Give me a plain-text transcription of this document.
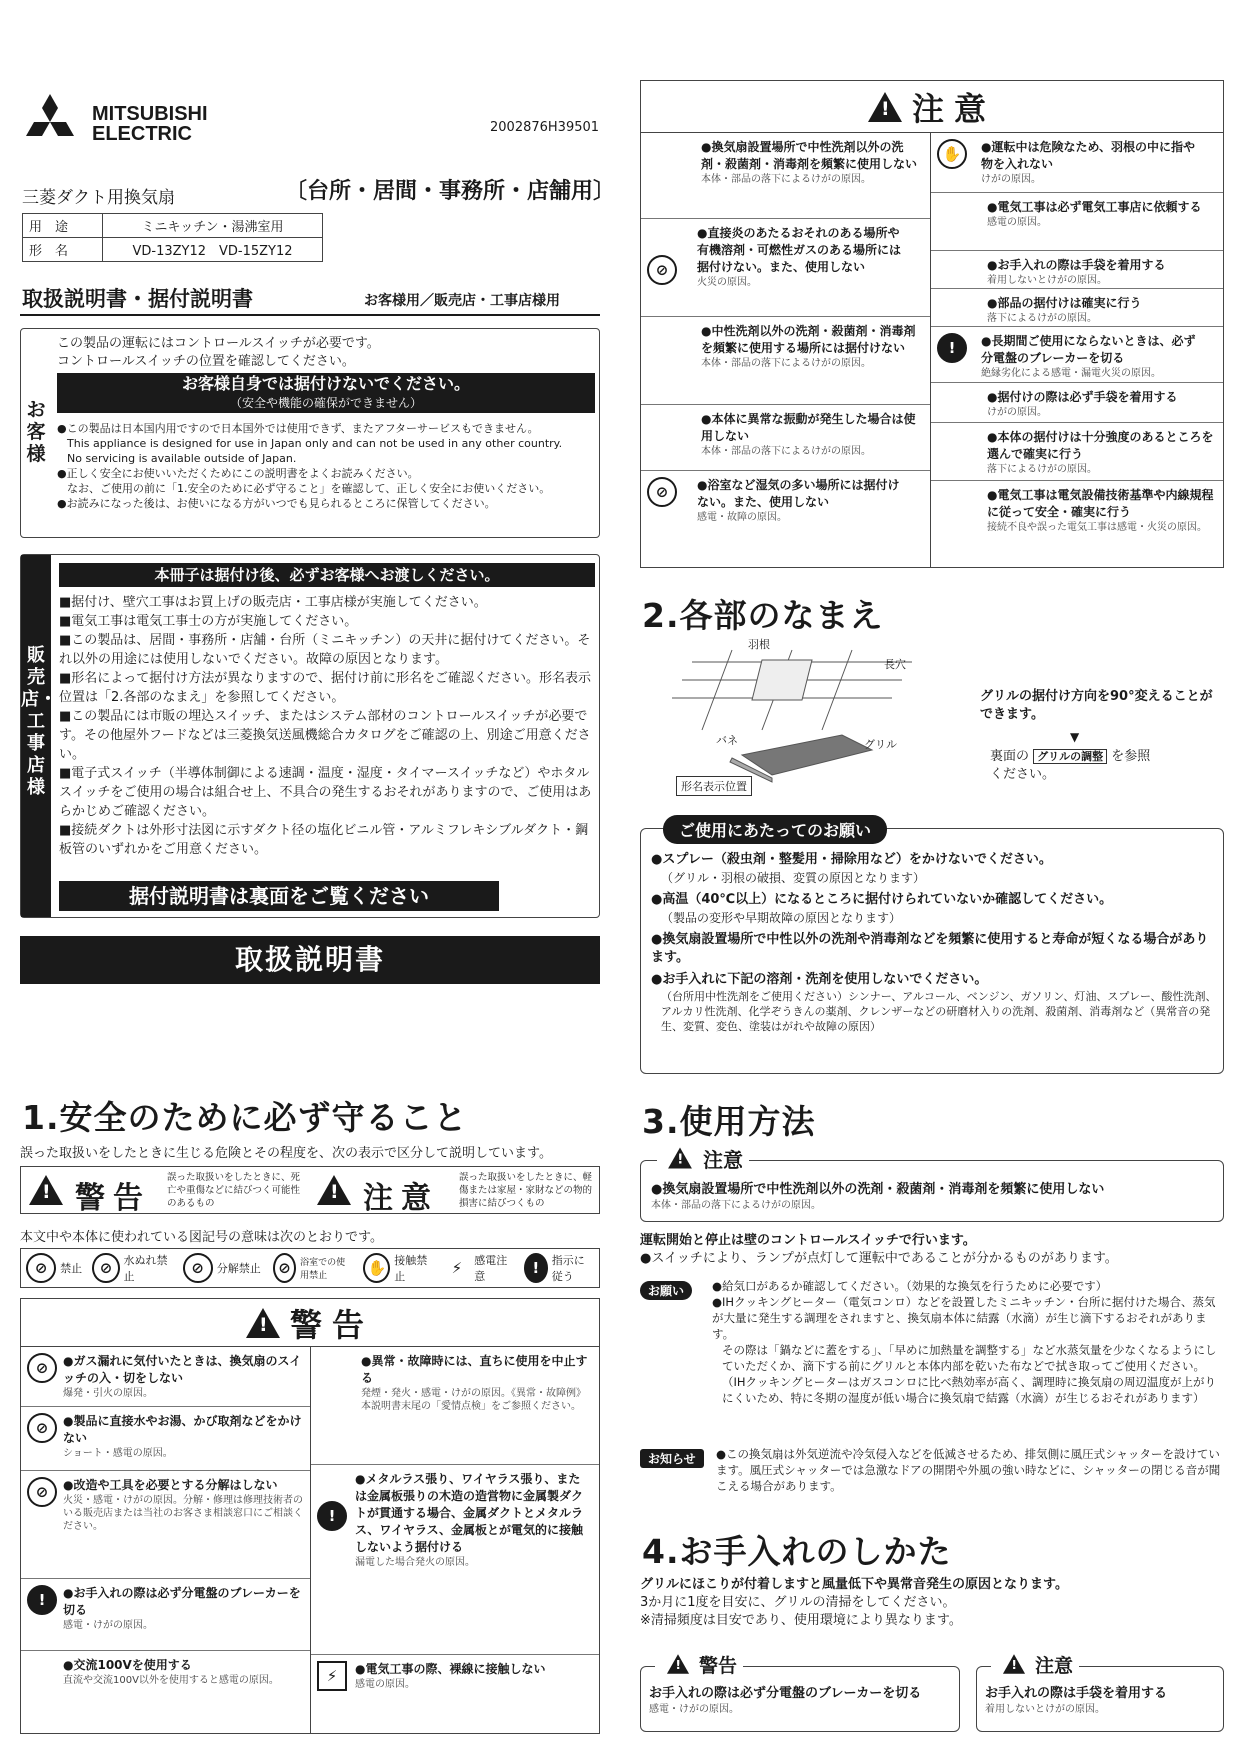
MITSUBISHI
ELECTRIC	2002876H39501
三菱ダクト用換気扇	〔台所・居間・事務所・店舗用〕
用　途	ミニキッチン・湯沸室用
形　名	VD-13ZY12　VD-15ZY12
取扱説明書・据付説明書	お客様用／販売店・工事店様用
お客様
この製品の運転にはコントロールスイッチが必要です。
コントロールスイッチの位置を確認してください。
お客様自身では据付けないでください。
（安全や機能の確保ができません）
●この製品は日本国内用ですので日本国外では使用できず、またアフターサービスもできません。
This appliance is designed for use in Japan only and can not be used in any other country.
No servicing is available outside of Japan.
●正しく安全にお使いいただくためにこの説明書をよくお読みください。
なお、ご使用の前に「1.安全のために必ず守ること」を確認して、正しく安全にお使いください。
●お読みになった後は、お使いになる方がいつでも見られるところに保管してください。
販売店・工事店様
本冊子は据付け後、必ずお客様へお渡しください。
■据付け、壁穴工事はお買上げの販売店・工事店様が実施してください。
■電気工事は電気工事士の方が実施してください。
■この製品は、居間・事務所・店舗・台所（ミニキッチン）の天井に据付けてください。それ以外の用途には使用しないでください。故障の原因となります。
■形名によって据付け方法が異なりますので、据付け前に形名をご確認ください。形名表示位置は「2.各部のなまえ」を参照してください。
■この製品には市販の埋込スイッチ、またはシステム部材のコントロールスイッチが必要です。その他屋外フードなどは三菱換気送風機総合カタログをご確認の上、別途ご用意ください。
■電子式スイッチ（半導体制御による速調・温度・湿度・タイマースイッチなど）やホタルスイッチをご使用の場合は組合せ上、不具合の発生するおそれがありますので、ご使用はあらかじめご確認ください。
■接続ダクトは外形寸法図に示すダクト径の塩化ビニル管・アルミフレキシブルダクト・鋼板管のいずれかをご用意ください。
据付説明書は裏面をご覧ください
取扱説明書
1.安全のために必ず守ること
誤った取扱いをしたときに生じる危険とその程度を、次の表示で区分して説明しています。
!
警告
誤った取扱いをしたときに、死亡や重傷などに結びつく可能性のあるもの !	注意
誤った取扱いをしたときに、軽傷または家屋・家財などの物的損害に結びつくもの
本文中や本体に使われている図記号の意味は次のとおりです。
⊘	禁止	⊘	水ぬれ禁止	⊘	分解禁止	⊘	浴室での使用禁止	✋ 接触禁止	⚡	感電注意	!	指示に従う
!
警告
⊘	●ガス漏れに気付いたときは、換気扇のスイッチの入・切をしない
爆発・引火の原因。
⊘	●製品に直接水やお湯、かび取剤などをかけない
ショート・感電の原因。
⊘	●改造や工具を必要とする分解はしない
火災・感電・けがの原因。分解・修理は修理技術者のいる販売店または当社のお客さま相談窓口にご相談ください。
!	●お手入れの際は必ず分電盤のブレーカーを切る
感電・けがの原因。
●交流100Vを使用する
直流や交流100V以外を使用すると感電の原因。
●異常・故障時には、直ちに使用を中止する
発煙・発火・感電・けがの原因。《異常・故障例》本説明書末尾の「愛情点検」をご参照ください。
!
●メタルラス張り、ワイヤラス張り、または金属板張りの木造の造営物に金属製ダクトが貫通する場合、金属ダクトとメタルラス、ワイヤラス、金属板とが電気的に接触しないよう据付ける
漏電した場合発火の原因。
⚡	●電気工事の際、裸線に接触しない
感電の原因。
!
注意
●換気扇設置場所で中性洗剤以外の洗剤・殺菌剤・消毒剤を頻繁に使用しない
本体・部品の落下によるけがの原因。
⊘
●直接炎のあたるおそれのある場所や有機溶剤・可燃性ガスのある場所には据付けない。また、使用しない
火災の原因。
●中性洗剤以外の洗剤・殺菌剤・消毒剤を頻繁に使用する場所には据付けない
本体・部品の落下によるけがの原因。
●本体に異常な振動が発生した場合は使用しない
本体・部品の落下によるけがの原因。
⊘	●浴室など湿気の多い場所には据付けない。また、使用しない
感電・故障の原因。
✋	●運転中は危険なため、羽根の中に指や物を入れない
けがの原因。
●電気工事は必ず電気工事店に依頼する
感電の原因。
●お手入れの際は手袋を着用する
着用しないとけがの原因。
●部品の据付けは確実に行う
落下によるけがの原因。
!	●長期間ご使用にならないときは、必ず分電盤のブレーカーを切る
絶縁劣化による感電・漏電火災の原因。
●据付けの際は必ず手袋を着用する
けがの原因。
●本体の据付けは十分強度のあるところを選んで確実に行う
落下によるけがの原因。
●電気工事は電気設備技術基準や内線規程に従って安全・確実に行う
接続不良や誤った電気工事は感電・火災の原因。
2.各部のなまえ
羽根
長穴
バネ	グリル
形名表示位置
グリルの据付け方向を90°変えることができます。
▼
裏面の グリルの調整 を参照
ください。
ご使用にあたってのお願い
●スプレー（殺虫剤・整髪用・掃除用など）をかけないでください。
（グリル・羽根の破損、変質の原因となります）
●高温（40℃以上）になるところに据付けられていないか確認してください。
（製品の変形や早期故障の原因となります）
●換気扇設置場所で中性以外の洗剤や消毒剤などを頻繁に使用すると寿命が短くなる場合があります。
●お手入れに下記の溶剤・洗剤を使用しないでください。
（台所用中性洗剤をご使用ください）シンナー、アルコール、ベンジン、ガソリン、灯油、スプレー、酸性洗剤、アルカリ性洗剤、化学ぞうきんの薬剤、クレンザーなどの研磨材入りの洗剤、殺菌剤、消毒剤など（異常音の発生、変質、変色、塗装はがれや故障の原因）
3.使用方法
!
注意
●換気扇設置場所で中性洗剤以外の洗剤・殺菌剤・消毒剤を頻繁に使用しない
本体・部品の落下によるけがの原因。
運転開始と停止は壁のコントロールスイッチで行います。
●スイッチにより、ランプが点灯して運転中であることが分かるものがあります。
お願い	●給気口があるか確認してください。（効果的な換気を行うために必要です）
●IHクッキングヒーター（電気コンロ）などを設置したミニキッチン・台所に据付けた場合、蒸気が大量に発生する調理をされますと、換気扇本体に結露（水滴）が生じ滴下するおそれがあります。
その際は「鍋などに蓋をする」、「早めに加熱量を調整する」など水蒸気量を少なくなるようにしていただくか、滴下する前にグリルと本体内部を乾いた布などで拭き取ってご使用ください。
（IHクッキングヒーターはガスコンロに比べ熱効率が高く、調理時に換気扇の周辺温度が上がりにくいため、特に冬期の湿度が低い場合に換気扇で結露（水滴）が生じるおそれがあります）
お知らせ	●この換気扇は外気逆流や冷気侵入などを低減させるため、排気側に風圧式シャッターを設けています。風圧式シャッターでは急激なドアの開閉や外風の強い時などに、シャッターの閉じる音が聞こえる場合があります。
4.お手入れのしかた
グリルにほこりが付着しますと風量低下や異常音発生の原因となります。
3か月に1度を目安に、グリルの清掃をしてください。
※清掃頻度は目安であり、使用環境により異なります。
!
警告
お手入れの際は必ず分電盤のブレーカーを切る
感電・けがの原因。
!
注意
お手入れの際は手袋を着用する
着用しないとけがの原因。
